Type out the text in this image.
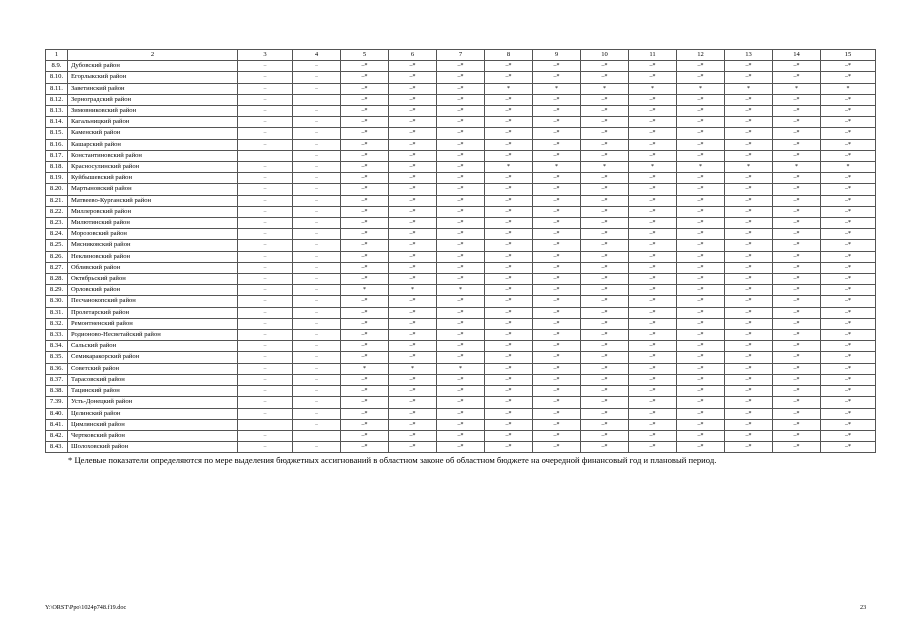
1	2	3	4	5	6	7	8	9	10	11	12	13	14	15
8.9.	Дубовский район	–	–	–*	–*	–*	–*	–*	–*	–*	–*	–*	–*	–*
8.10.	Егорлыкский район	–	–	–*	–*	–*	–*	–*	–*	–*	–*	–*	–*	–*
8.11.	Заветинский район	–	–	–*	–*	–*	*	*	*	*	*	*	*	*
8.12.	Зерноградский район	–		–*	–*	–*	–*	–*	–*	–*	–*	–*	–*	–*
8.13.	Зимовниковский район	–	–	–*	–*	–*	–*	–*	–*	–*	–*	–*	–*	–*
8.14.	Кагальницкий район	–	–	–*	–*	–*	–*	–*	–*	–*	–*	–*	–*	–*
8.15.	Каменский район	–	–	–*	–*	–*	–*	–*	–*	–*	–*	–*	–*	–*
8.16.	Кашарский район	–	–	–*	–*	–*	–*	–*	–*	–*	–*	–*	–*	–*
8.17.	Константиновский район		–	–*	–*	–*	–*	–*	–*	–*	–*	–*	–*	–*
8.18.	Красносулинский район	–	–	–*	–*	–*	*	*	*	*	*	*	*	*
8.19.	Куйбышевский район	–	–	–*	–*	–*	–*	–*	–*	–*	–*	–*	–*	–*
8.20.	Мартыновский район	–	–	–*	–*	–*	–*	–*	–*	–*	–*	–*	–*	–*
8.21.	Матвеево-Курганский район	–	–	–*	–*	–*	–*	–*	–*	–*	–*	–*	–*	–*
8.22.	Миллеровский район	–	–	–*	–*	–*	–*	–*	–*	–*	–*	–*	–*	–*
8.23.	Милютинский район	–	–	–*	–*	–*	–*	–*	–*	–*	–*	–*	–*	–*
8.24.	Морозовский район	–	–	–*	–*	–*	–*	–*	–*	–*	–*	–*	–*	–*
8.25.	Мясниковский район	–	–	–*	–*	–*	–*	–*	–*	–*	–*	–*	–*	–*
8.26.	Неклиновский район	–	–	–*	–*	–*	–*	–*	–*	–*	–*	–*	–*	–*
8.27.	Обливский район	–	–	–*	–*	–*	–*	–*	–*	–*	–*	–*	–*	–*
8.28.	Октябрьский район	–	–	–*	–*	–*	–*	–*	–*	–*	–*	–*	–*	–*
8.29.	Орловский район	–	–	*	*	*	–*	–*	–*	–*	–*	–*	–*	–*
8.30.	Песчанокопский район	–	–	–*	–*	–*	–*	–*	–*	–*	–*	–*	–*	–*
8.31.	Пролетарский район	–	–	–*	–*	–*	–*	–*	–*	–*	–*	–*	–*	–*
8.32.	Ремонтненский район	–	–	–*	–*	–*	–*	–*	–*	–*	–*	–*	–*	–*
8.33.	Родионово-Несветайский район	–	–	–*	–*	–*	–*	–*	–*	–*	–*	–*	–*	–*
8.34.	Сальский район	–	–	–*	–*	–*	–*	–*	–*	–*	–*	–*	–*	–*
8.35.	Семикаракорский район	–	–	–*	–*	–*	–*	–*	–*	–*	–*	–*	–*	–*
8.36.	Советский район	–	–	*	*	*	–*	–*	–*	–*	–*	–*	–*	–*
8.37.	Тарасовский район	–	–	–*	–*	–*	–*	–*	–*	–*	–*	–*	–*	–*
8.38.	Тацинский район	–	–	–*	–*	–*	–*	–*	–*	–*	–*	–*	–*	–*
7.39.	Усть-Донецкий район	–	–	–*	–*	–*	–*	–*	–*	–*	–*	–*	–*	–*
8.40.	Целинский район	–	–	–*	–*	–*	–*	–*	–*	–*	–*	–*	–*	–*
8.41.	Цимлянский район		–	–*	–*	–*	–*	–*	–*	–*	–*	–*	–*	–*
8.42.	Чертковский район	–		–*	–*	–*	–*	–*	–*	–*	–*	–*	–*	–*
8.43.	Шолоховский район	–	–	–*	–*	–*	–*	–*	–*	–*	–*	–*	–*	–*
* Целевые показатели определяются по мере выделения бюджетных ассигнований в областном законе об областном бюджете на очередной финансовый год и плановый период.
Y:\ORST\Ppo\1024p748.f19.doc	23
